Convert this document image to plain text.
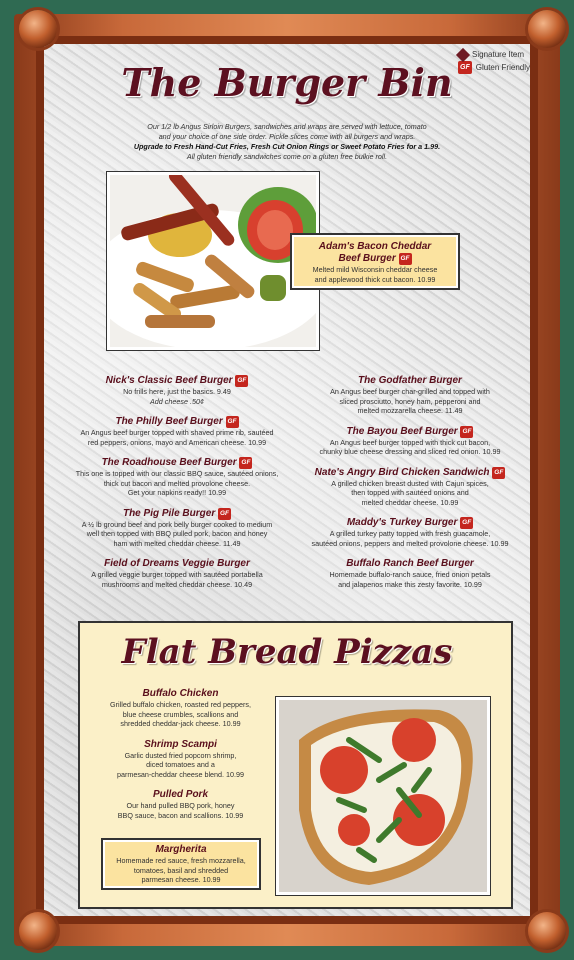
Signature Item
GF Gluten Friendly
The Burger Bin
Our 1/2 lb Angus Sirloin Burgers, sandwiches and wraps are served with lettuce, tomato
and your choice of one side order. Pickle slices come with all burgers and wraps.
Upgrade to Fresh Hand-Cut Fries, Fresh Cut Onion Rings or Sweet Potato Fries for a 1.99.
All gluten friendly sandwiches come on a gluten free bulkie roll.
Adam's Bacon Cheddar
Beef Burger GF
Melted mild Wisconsin cheddar cheese
and applewood thick cut bacon. 10.99
Nick's Classic Beef Burger GF
No frills here, just the basics. 9.49
Add cheese .50¢
The Philly Beef Burger GF
An Angus beef burger topped with shaved prime rib, sautéed
red peppers, onions, mayo and American cheese. 10.99
The Roadhouse Beef Burger GF
This one is topped with our classic BBQ sauce, sautéed onions,
thick cut bacon and melted provolone cheese.
Get your napkins ready!! 10.99
The Pig Pile Burger GF
A ½ lb ground beef and pork belly burger cooked to medium
well then topped with BBQ pulled pork, bacon and honey
ham with melted cheddar cheese. 11.49
Field of Dreams Veggie Burger
A grilled veggie burger topped with sautéed portabella
mushrooms and melted cheddar cheese. 10.49
The Godfather Burger
An Angus beef burger char-grilled and topped with
sliced prosciutto, honey ham, pepperoni and
melted mozzarella cheese. 11.49
The Bayou Beef Burger GF
An Angus beef burger topped with thick cut bacon,
chunky blue cheese dressing and sliced red onion. 10.99
Nate's Angry Bird Chicken Sandwich GF
A grilled chicken breast dusted with Cajun spices,
then topped with sautéed onions and
melted cheddar cheese. 10.99
Maddy's Turkey Burger GF
A grilled turkey patty topped with fresh guacamole,
sautéed onions, peppers and melted provolone cheese. 10.99
Buffalo Ranch Beef Burger
Homemade buffalo-ranch sauce, fried onion petals
and jalapenos make this zesty favorite. 10.99
Flat Bread Pizzas
Buffalo Chicken
Grilled buffalo chicken, roasted red peppers,
blue cheese crumbles, scallions and
shredded cheddar-jack cheese. 10.99
Shrimp Scampi
Garlic dusted fried popcorn shrimp,
diced tomatoes and a
parmesan-cheddar cheese blend. 10.99
Pulled Pork
Our hand pulled BBQ pork, honey
BBQ sauce, bacon and scallions. 10.99
Margherita
Homemade red sauce, fresh mozzarella,
tomatoes, basil and shredded
parmesan cheese. 10.99
